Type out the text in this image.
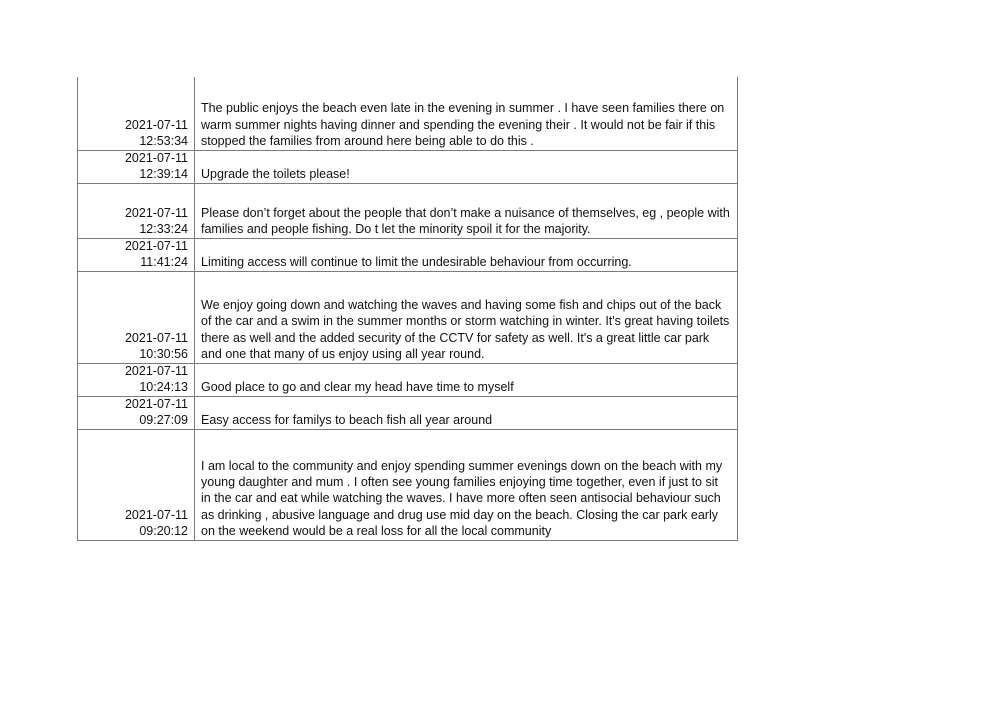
2021-07-11
12:53:34
The public enjoys the beach even late in the evening in summer . I have seen families there on warm summer nights having dinner and spending the evening their . It would not be fair if this stopped the families from around here being able to do this .
2021-07-11
12:39:14 Upgrade the toilets please!
2021-07-11
12:33:24
Please don’t forget about the people that don’t make a nuisance of themselves, eg , people with families and people fishing. Do t let the minority spoil it for the majority.
2021-07-11
11:41:24 Limiting access will continue to limit the undesirable behaviour from occurring.
2021-07-11
10:30:56
We enjoy going down and watching the waves and having some fish and chips out of the back of the car and a swim in the summer months or storm watching in winter. It's great having toilets there as well and the added security of the CCTV for safety as well. It's a great little car park and one that many of us enjoy using all year round.
2021-07-11
10:24:13 Good place to go and clear my head have time to myself
2021-07-11
09:27:09 Easy access for familys to beach fish all year around
2021-07-11
09:20:12
I am local to the community and enjoy spending summer evenings down on the beach with my young daughter and mum . I often see young families enjoying time together, even if just to sit in the car and eat while watching the waves. I have more often seen antisocial behaviour such as drinking , abusive language and drug use mid day on the beach. Closing the car park early on the weekend would be a real loss for all the local community
